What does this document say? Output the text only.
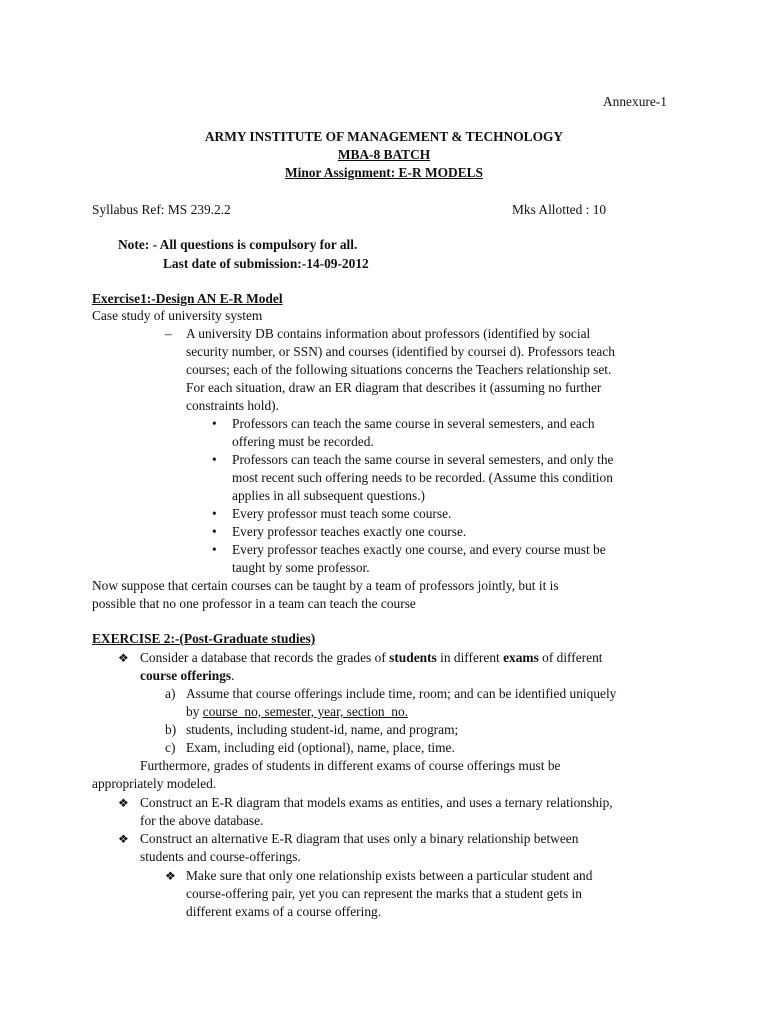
Annexure-1
ARMY INSTITUTE OF MANAGEMENT & TECHNOLOGY
MBA-8 BATCH
Minor Assignment: E-R MODELS
Syllabus Ref: MS 239.2.2	Mks Allotted : 10
Note: - All questions is compulsory for all.
Last date of submission:-14-09-2012
Exercise1:-Design AN E-R Model
Case study of university system
– A university DB contains information about professors (identified by social
security number, or SSN) and courses (identified by coursei d). Professors teach
courses; each of the following situations concerns the Teachers relationship set.
For each situation, draw an ER diagram that describes it (assuming no further
constraints hold).
• Professors can teach the same course in several semesters, and each
offering must be recorded.
• Professors can teach the same course in several semesters, and only the
most recent such offering needs to be recorded. (Assume this condition
applies in all subsequent questions.)
• Every professor must teach some course.
• Every professor teaches exactly one course.
• Every professor teaches exactly one course, and every course must be
taught by some professor.
Now suppose that certain courses can be taught by a team of professors jointly, but it is
possible that no one professor in a team can teach the course
EXERCISE 2:-(Post-Graduate studies)
❖ Consider a database that records the grades of students in different exams of different
course offerings.
a) Assume that course offerings include time, room; and can be identified uniquely
by course_no, semester, year, section_no.
b) students, including student-id, name, and program;
c) Exam, including eid (optional), name, place, time.
Furthermore, grades of students in different exams of course offerings must be
appropriately modeled.
❖ Construct an E-R diagram that models exams as entities, and uses a ternary relationship,
for the above database.
❖ Construct an alternative E-R diagram that uses only a binary relationship between
students and course-offerings.
❖ Make sure that only one relationship exists between a particular student and
course-offering pair, yet you can represent the marks that a student gets in
different exams of a course offering.
